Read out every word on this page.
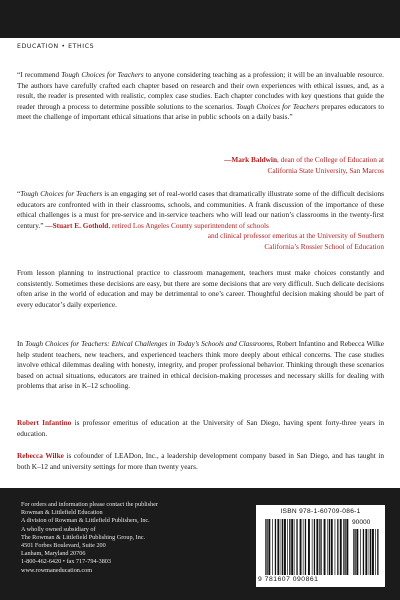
EDUCATION • ETHICS

“I recommend Tough Choices for Teachers to anyone considering teaching as a profession; it will be an invaluable resource. The authors have carefully crafted each chapter based on research and their own experiences with ethical issues, and, as a result, the reader is presented with realistic, complex case studies. Each chapter concludes with key questions that guide the reader through a process to determine possible solutions to the scenarios. Tough Choices for Teachers prepares educators to meet the challenge of important ethical situations that arise in public schools on a daily basis.”

—Mark Baldwin, dean of the College of Education at

California State University, San Marcos

“Tough Choices for Teachers is an engaging set of real-world cases that dramatically illustrate some of the difficult decisions educators are confronted with in their classrooms, schools, and communities. A frank discussion of the importance of these ethical challenges is a must for pre-service and in-service teachers who will lead our nation’s classrooms in the twenty-first century.” —Stuart E. Gothold, retired Los Angeles County superintendent of schools

and clinical professor emeritus at the University of Southern

California’s Rossier School of Education

From lesson planning to instructional practice to classroom management, teachers must make choices constantly and consistently. Sometimes these decisions are easy, but there are some decisions that are very difficult. Such delicate decisions often arise in the world of education and may be detrimental to one’s career. Thoughtful decision making should be part of every educator’s daily experience.

In Tough Choices for Teachers: Ethical Challenges in Today’s Schools and Classrooms, Robert Infantino and Rebecca Wilke help student teachers, new teachers, and experienced teachers think more deeply about ethical concerns. The case studies involve ethical dilemmas dealing with honesty, integrity, and proper professional behavior. Thinking through these scenarios based on actual situations, educators are trained in ethical decision-making processes and necessary skills for dealing with problems that arise in K–12 schooling.

Robert Infantino is professor emeritus of education at the University of San Diego, having spent forty-three years in education.

Rebecca Wilke is cofounder of LEADon, Inc., a leadership development company based in San Diego, and has taught in both K–12 and university settings for more than twenty years.

For orders and information please contact the publisher
Rowman & Littlefield Education
A division of Rowman & Littlefield Publishers, Inc.
A wholly owned subsidiary of
The Rowman & Littlefield Publishing Group, Inc.
4501 Forbes Boulevard, Suite 200
Lanham, Maryland 20706
1-800-462-6420 • fax 717-794-3803
www.rowmaneducation.com
ISBN 978-1-60709-086-1
90000
9 781607 090861
